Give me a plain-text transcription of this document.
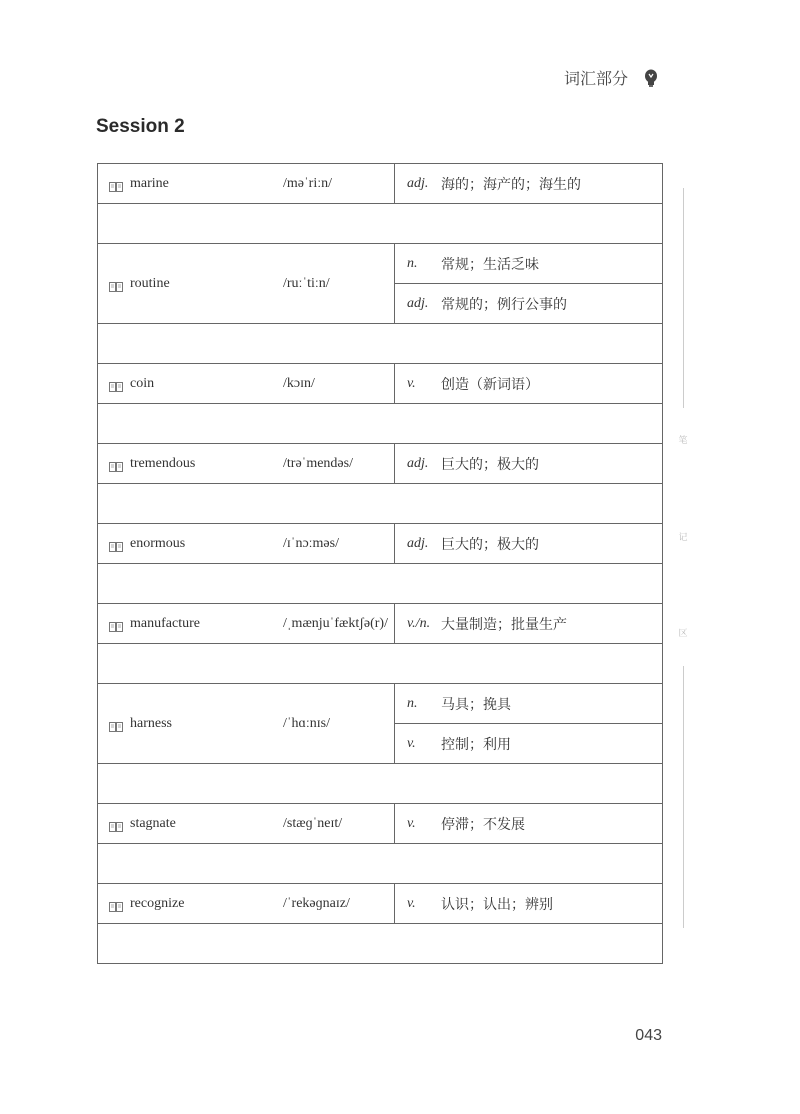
词汇部分
Session 2
marine /məˈriːn/	adj. 海的；海产的；海生的

routine /ruːˈtiːn/	n. 常规；生活乏味

	adj. 常规的；例行公事的

coin /kɔɪn/	v. 创造（新词语）

tremendous /trəˈmendəs/	adj. 巨大的；极大的

enormous /ɪˈnɔːməs/	adj. 巨大的；极大的

manufacture /ˌmænjuˈfæktʃə(r)/	v./n. 大量制造；批量生产

harness /ˈhɑːnɪs/	n. 马具；挽具

	v. 控制；利用

stagnate /stæɡˈneɪt/	v. 停滞；不发展

recognize /ˈrekəɡnaɪz/	v. 认识；认出；辨别

笔
记
区
043
